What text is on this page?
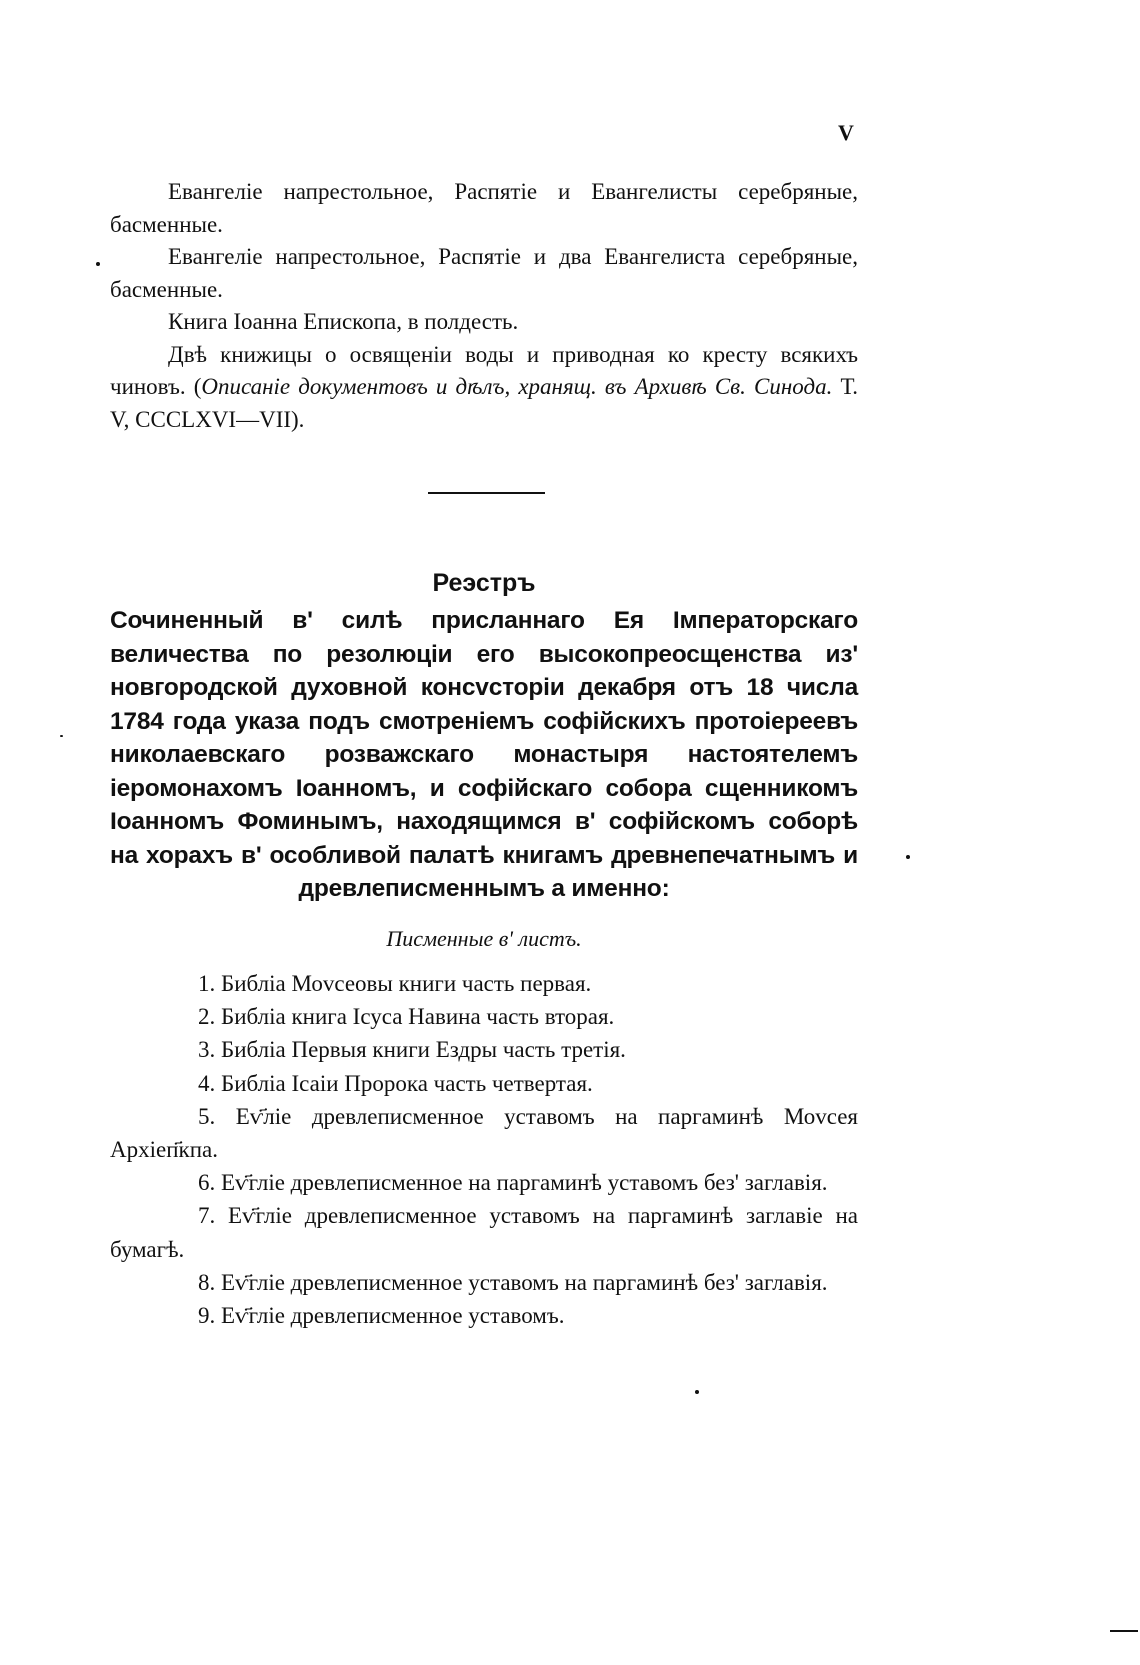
V

Евангеліе напрестольное, Распятіе и Евангелисты серебряные, басменные.

Евангеліе напрестольное, Распятіе и два Евангелиста серебряные, басменные.

Книга Іоанна Епископа, в полдесть.

Двѣ книжицы о освященіи воды и приводная ко кресту всякихъ чиновъ. (Описаніе документовъ и дѣлъ, хранящ. въ Архивѣ Св. Синода. Т. V, CCCLXVI—VII).

Реэстръ

Сочиненный в' силѣ присланнаго Ея Імператорскаго величества по резолюціи его высокопреосщенства из' новгородской духовной консvсторіи декабря отъ 18 числа 1784 года указа подъ смотреніемъ софійскихъ протоіереевъ николаевскаго розважскаго монастыря настоятелемъ іеромонахомъ Іоанномъ, и софійскаго собора сщенникомъ Іоанномъ Фоминымъ, находящимся в' софійскомъ соборѣ на хорахъ в' особливой палатѣ книгамъ древнепечатнымъ и древлеписменнымъ а именно:

Писменные в' листъ.
1. Библіа Моvсеовы книги часть первая.
2. Библіа книга Ісуса Навина часть вторая.
3. Библіа Первыя книги Ездры часть третія.
4. Библіа Ісаіи Пророка часть четвертая.
5. Еѵ҃ліе древлеписменное уставомъ на паргаминѣ Моvсея Архіеп҃кпа.
6. Еѵ҃гліе древлеписменное на паргаминѣ уставомъ без' заглавія.
7. Еѵ҃гліе древлеписменное уставомъ на паргаминѣ заглавіе на бумагѣ.
8. Еѵ҃гліе древлеписменное уставомъ на паргаминѣ без' заглавія.
9. Еѵ҃гліе древлеписменное уставомъ.
